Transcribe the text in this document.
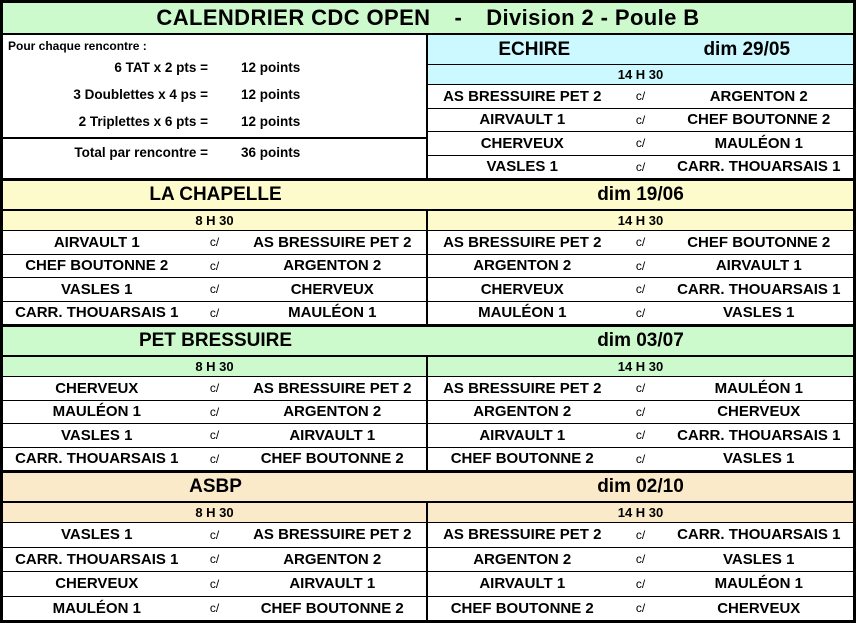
CALENDRIER CDC OPEN - Division 2 - Poule B
Pour chaque rencontre :
6 TAT x 2 pts = 12 points
3 Doublettes x 4 ps = 12 points
2 Triplettes x 6 pts = 12 points
Total par rencontre = 36 points
ECHIRE	dim 29/05
14 H 30
AS BRESSUIRE PET 2	c/	ARGENTON 2
AIRVAULT 1	c/	CHEF BOUTONNE 2
CHERVEUX	c/	MAULÉON 1
VASLES 1	c/	CARR. THOUARSAIS 1
LA CHAPELLE	dim 19/06
8 H 30
AIRVAULT 1	c/	AS BRESSUIRE PET 2
CHEF BOUTONNE 2	c/	ARGENTON 2
VASLES 1	c/	CHERVEUX
CARR. THOUARSAIS 1	c/	MAULÉON 1
14 H 30
AS BRESSUIRE PET 2	c/	CHEF BOUTONNE 2
ARGENTON 2	c/	AIRVAULT 1
CHERVEUX	c/	CARR. THOUARSAIS 1
MAULÉON 1	c/	VASLES 1
PET BRESSUIRE	dim 03/07
8 H 30
CHERVEUX	c/	AS BRESSUIRE PET 2
MAULÉON 1	c/	ARGENTON 2
VASLES 1	c/	AIRVAULT 1
CARR. THOUARSAIS 1	c/	CHEF BOUTONNE 2
14 H 30
AS BRESSUIRE PET 2	c/	MAULÉON 1
ARGENTON 2	c/	CHERVEUX
AIRVAULT 1	c/	CARR. THOUARSAIS 1
CHEF BOUTONNE 2	c/	VASLES 1
ASBP	dim 02/10
8 H 30
VASLES 1	c/	AS BRESSUIRE PET 2
CARR. THOUARSAIS 1	c/	ARGENTON 2
CHERVEUX	c/	AIRVAULT 1
MAULÉON 1	c/	CHEF BOUTONNE 2
14 H 30
AS BRESSUIRE PET 2	c/	CARR. THOUARSAIS 1
ARGENTON 2	c/	VASLES 1
AIRVAULT 1	c/	MAULÉON 1
CHEF BOUTONNE 2	c/	CHERVEUX
